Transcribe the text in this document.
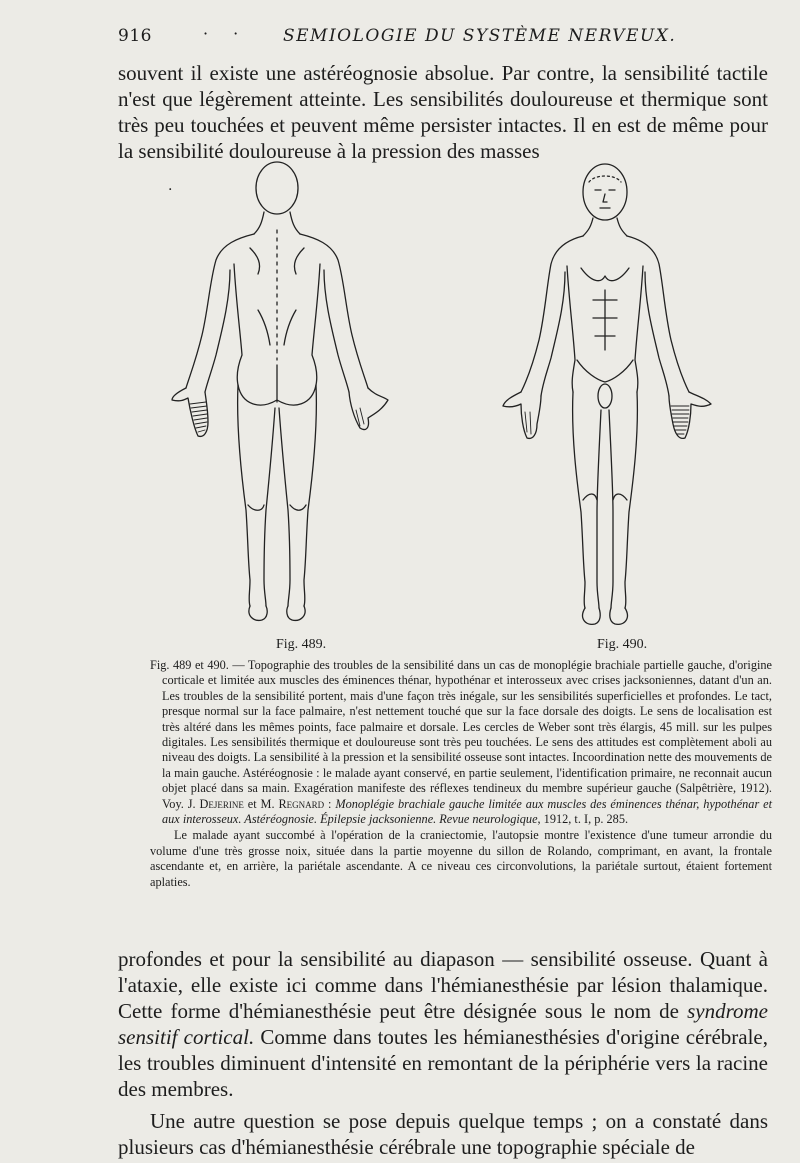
916	· · SEMIOLOGIE DU SYSTÈME NERVEUX.

souvent il existe une astéréognosie absolue. Par contre, la sensibilité tactile n'est que légèrement atteinte. Les sensibilités douloureuse et thermique sont très peu touchées et peuvent même persister intactes. Il en est de même pour la sensibilité douloureuse à la pression des masses

.
Fig. 489.	Fig. 490.

Fig. 489 et 490. — Topographie des troubles de la sensibilité dans un cas de monoplégie brachiale partielle gauche, d'origine corticale et limitée aux muscles des éminences thénar, hypothénar et interosseux avec crises jacksoniennes, datant d'un an. Les troubles de la sensibilité portent, mais d'une façon très inégale, sur les sensibilités superficielles et profondes. Le tact, presque normal sur la face palmaire, n'est nettement touché que sur la face dorsale des doigts. Le sens de localisation est très altéré dans les mêmes points, face palmaire et dorsale. Les cercles de Weber sont très élargis, 45 mill. sur les pulpes digitales. Les sensibilités thermique et douloureuse sont très peu touchées. Le sens des attitudes est complètement aboli au niveau des doigts. La sensibilité à la pression et la sensibilité osseuse sont intactes. Incoordination nette des mouvements de la main gauche. Astéréognosie : le malade ayant conservé, en partie seulement, l'identification primaire, ne reconnait aucun objet placé dans sa main. Exagération manifeste des réflexes tendineux du membre supérieur gauche (Salpêtrière, 1912). Voy. J. Dejerine et M. Regnard : Monoplégie brachiale gauche limitée aux muscles des éminences thénar, hypothénar et aux interosseux. Astéréognosie. Épilepsie jacksonienne. Revue neurologique, 1912, t. I, p. 285.

Le malade ayant succombé à l'opération de la craniectomie, l'autopsie montre l'existence d'une tumeur arrondie du volume d'une très grosse noix, située dans la partie moyenne du sillon de Rolando, comprimant, en avant, la frontale ascendante et, en arrière, la pariétale ascendante. A ce niveau ces circonvolutions, la pariétale surtout, étaient fortement aplaties.

profondes et pour la sensibilité au diapason — sensibilité osseuse. Quant à l'ataxie, elle existe ici comme dans l'hémianesthésie par lésion thalamique. Cette forme d'hémianesthésie peut être désignée sous le nom de syndrome sensitif cortical. Comme dans toutes les hémianesthésies d'origine cérébrale, les troubles diminuent d'intensité en remontant de la périphérie vers la racine des membres.

Une autre question se pose depuis quelque temps ; on a constaté dans plusieurs cas d'hémianesthésie cérébrale une topographie spéciale de
